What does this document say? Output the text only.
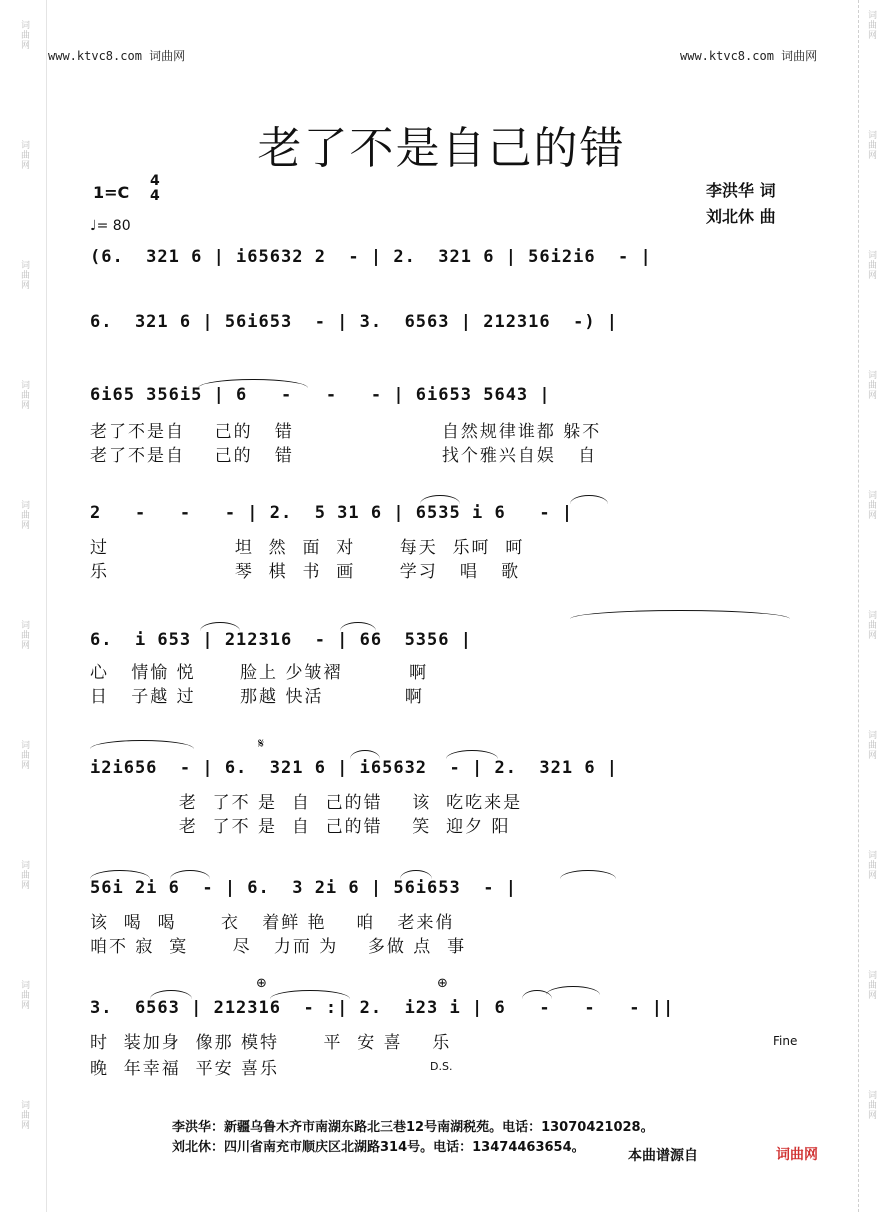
词曲网
词曲网
词曲网
词曲网
词曲网
词曲网
词曲网
词曲网
词曲网
词曲网
词曲网
词曲网
词曲网
词曲网
词曲网
词曲网
词曲网
词曲网
词曲网
词曲网
www.ktvc8.com 词曲网	www.ktvc8.com 词曲网
老了不是自己的错
1=C
4
4
♩= 80
李洪华 词
刘北休 曲
(6.  321 6 | i65632 2  - | 2.  321 6 | 56i2i6  - |
6.  321 6 | 56i653  - | 3.  6563 | 212316  -) |
6i65 356i5 | 6   -   -   - | 6i653 5643 |
老了不是自    己的   错                    自然规律谁都 躲不
老了不是自    己的   错                    找个雅兴自娱   自
2   -   -   - | 2.  5 31 6 | 6535 i 6   - |
过                 坦  然  面  对      每天  乐呵  呵
乐                 琴  棋  书  画      学习   唱   歌
6.  i 653 | 212316  - | 66  5356 |
心   情愉 悦      脸上 少皱褶         啊
日   子越 过      那越 快活           啊
𝄋
i2i656  - | 6.  321 6 | i65632  - | 2.  321 6 |
老  了不 是  自  己的错    该  吃吃来是
老  了不 是  自  己的错    笑  迎夕 阳
56i 2i 6  - | 6.  3 2i 6 | 56i653  - |
该  喝  喝      衣   着鲜 艳    咱   老来俏
咱不 寂  寞      尽   力而 为    多做 点  事
⊕	⊕
3.  6563 | 212316  - :| 2.  i23 i | 6   -   -   - ||
时  装加身  像那 模特      平  安 喜    乐
晚  年幸福  平安 喜乐	D.S.
Fine
李洪华：新疆乌鲁木齐市南湖东路北三巷12号南湖税苑。电话：13070421028。
刘北休：四川省南充市顺庆区北湖路314号。电话：13474463654。
本曲谱源自	词曲网
